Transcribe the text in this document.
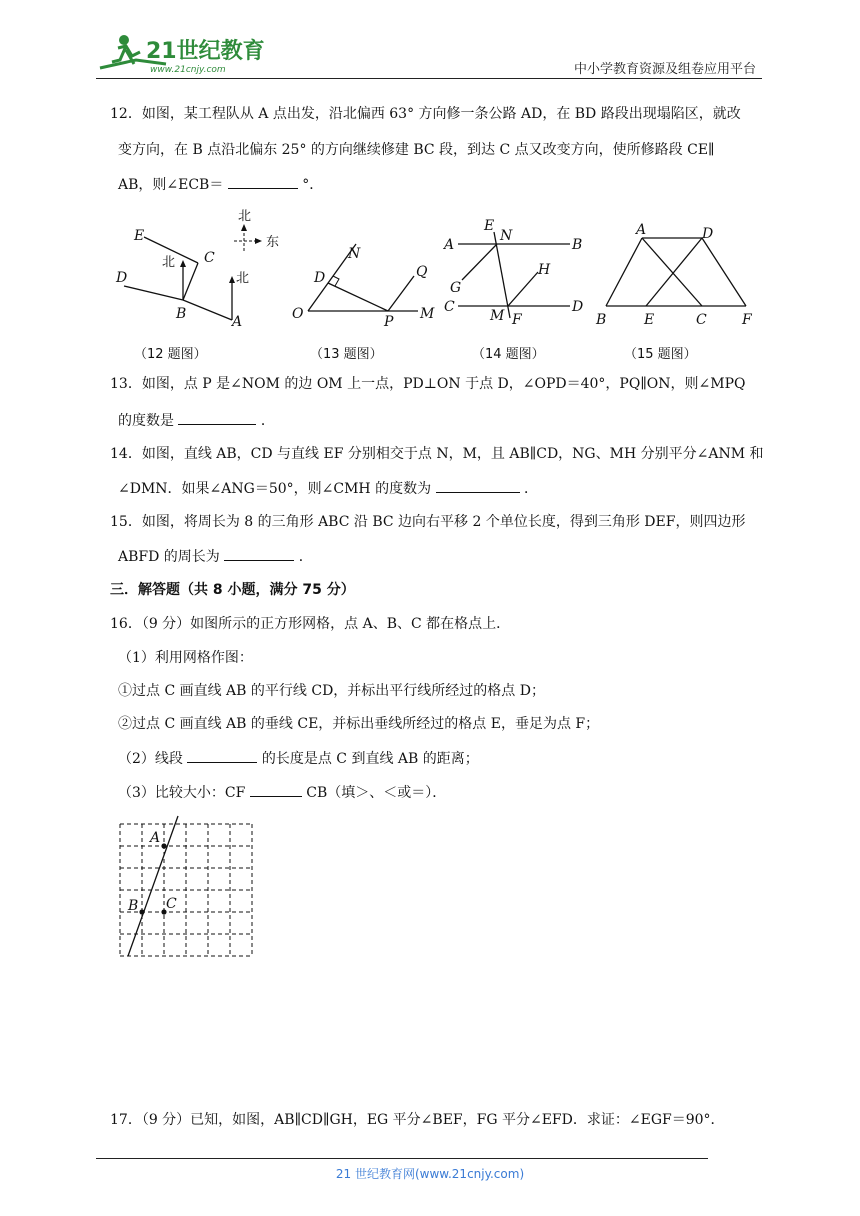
21世纪教育
www.21cnjy.com	中小学教育资源及组卷应用平台
12．如图，某工程队从 A 点出发，沿北偏西 63° 方向修一条公路 AD，在 BD 路段出现塌陷区，就改
变方向，在 B 点沿北偏东 25° 的方向继续修建 BC 段，到达 C 点又改变方向，使所修路段 CE∥
AB，则∠ECB＝	°．
E
C
D
B	A
北
北
北
东
（12 题图）
N
D
O	P M
Q
（13 题图）
E
N
A	B
G
H
C
M F
D
（14 题图）
A	D
B	E	C	F
（15 题图）
13．如图，点 P 是∠NOM 的边 OM 上一点，PD⊥ON 于点 D，∠OPD＝40°，PQ∥ON，则∠MPQ
的度数是	．
14．如图，直线 AB，CD 与直线 EF 分别相交于点 N，M，且 AB∥CD，NG、MH 分别平分∠ANM 和
∠DMN．如果∠ANG＝50°，则∠CMH 的度数为	．
15．如图，将周长为 8 的三角形 ABC 沿 BC 边向右平移 2 个单位长度，得到三角形 DEF，则四边形
ABFD 的周长为	．
三．解答题（共 8 小题，满分 75 分）
16．（9 分）如图所示的正方形网格，点 A、B、C 都在格点上．
（1）利用网格作图：
①过点 C 画直线 AB 的平行线 CD，并标出平行线所经过的格点 D；
②过点 C 画直线 AB 的垂线 CE，并标出垂线所经过的格点 E，垂足为点 F；
（2）线段	的长度是点 C 到直线 AB 的距离；
（3）比较大小：CF	CB（填＞、＜或＝）．
A
B C
17．（9 分）已知，如图，AB∥CD∥GH，EG 平分∠BEF，FG 平分∠EFD．求证：∠EGF＝90°．
21 世纪教育网(www.21cnjy.com)
